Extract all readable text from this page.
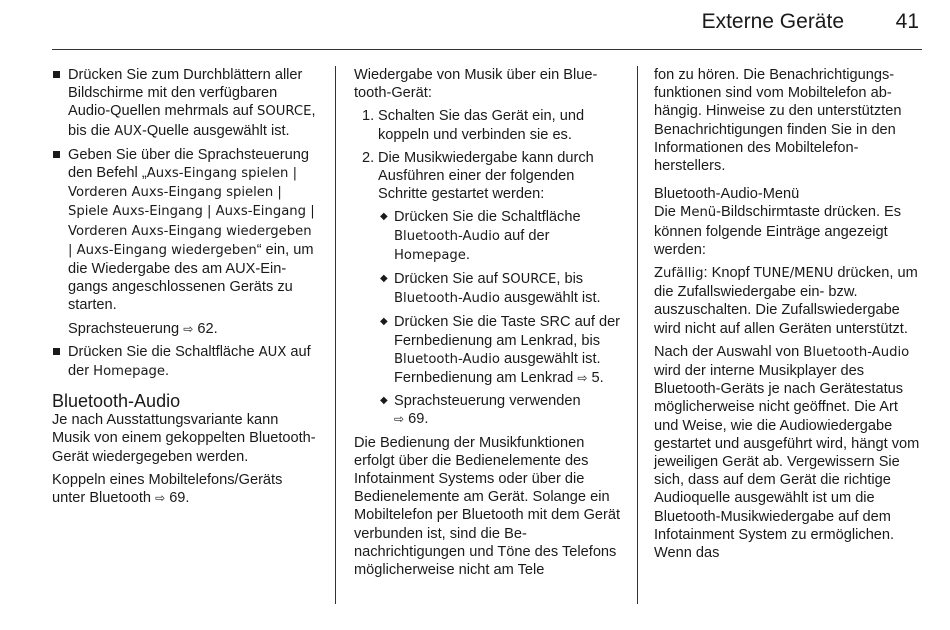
Externe Geräte 41
Drücken Sie zum Durchblättern aller Bildschirme mit den verfügbaren Audio-Quellen mehrmals auf SOURCE, bis die AUX-Quelle ausgewählt ist.
Geben Sie über die Sprachsteuerung den Befehl „Auxs-Eingang spielen | Vorderen Auxs-Eingang spielen | Spiele Auxs-Eingang | Auxs-Eingang | Vorderen Auxs-Eingang wiedergeben | Auxs-Eingang wiedergeben“ ein, um die Wiedergabe des am AUX-Eingangs angeschlossenen Geräts zu starten.
Sprachsteuerung ⇨ 62.
Drücken Sie die Schaltfläche AUX auf der Homepage.
Bluetooth-Audio

Je nach Ausstattungsvariante kann Musik von einem gekoppelten Bluetooth-Gerät wiedergegeben werden.

Koppeln eines Mobiltelefons/Geräts unter Bluetooth ⇨ 69.

Wiedergabe von Musik über ein Bluetooth-Gerät:

1. Schalten Sie das Gerät ein, und koppeln und verbinden sie es.
2. Die Musikwiedergabe kann durch Ausführen einer der folgenden Schritte gestartet werden:
◆ Drücken Sie die Schaltfläche Bluetooth-Audio auf der Homepage.
◆ Drücken Sie auf SOURCE, bis Bluetooth-Audio ausgewählt ist.
◆ Drücken Sie die Taste SRC auf der Fernbedienung am Lenkrad, bis Bluetooth-Audio ausgewählt ist. Fernbedienung am Lenkrad ⇨ 5.
◆ Sprachsteuerung verwenden
⇨ 69.

Die Bedienung der Musikfunktionen erfolgt über die Bedienelemente des Infotainment Systems oder über die Bedienelemente am Gerät. Solange ein Mobiltelefon per Bluetooth mit dem Gerät verbunden ist, sind die Benachrichtigungen und Töne des Telefons möglicherweise nicht am Tele

fon zu hören. Die Benachrichtigungsfunktionen sind vom Mobiltelefon abhängig. Hinweise zu den unterstützten Benachrichtigungen finden Sie in den Informationen des Mobiltelefonherstellers.

Bluetooth-Audio-Menü

Die Menü-Bildschirmtaste drücken. Es können folgende Einträge angezeigt werden:

Zufällig: Knopf TUNE/MENU drücken, um die Zufallswiedergabe ein- bzw. auszuschalten. Die Zufallswiedergabe wird nicht auf allen Geräten unterstützt.

Nach der Auswahl von Bluetooth-Audio wird der interne Musikplayer des Bluetooth-Geräts je nach Gerätestatus möglicherweise nicht geöffnet. Die Art und Weise, wie die Audiowiedergabe gestartet und ausgeführt wird, hängt vom jeweiligen Gerät ab. Vergewissern Sie sich, dass auf dem Gerät die richtige Audioquelle ausgewählt ist um die Bluetooth-Musikwiedergabe auf dem Infotainment System zu ermöglichen. Wenn das
